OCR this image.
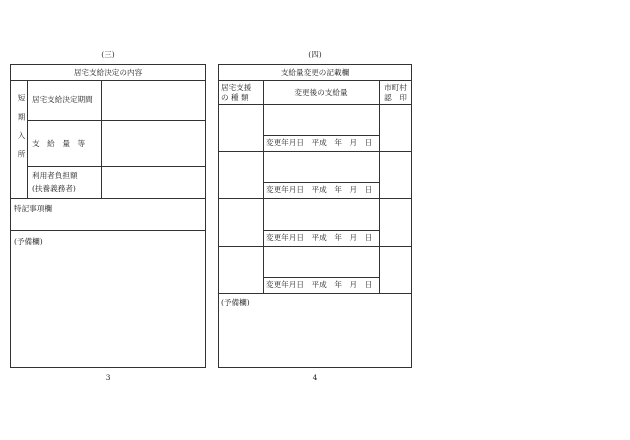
(三)
居宅支給決定の内容
短期入所 居宅支給決定期間
支　給　量　等
利用者負担額
(扶養義務者)
特記事項欄
(予備欄)
3
(四)
支給量変更の記載欄
居宅支援
の 種 類
変更後の支給量
市町村
認　印
変更年月日　平成　年　月　日
変更年月日　平成　年　月　日
変更年月日　平成　年　月　日
変更年月日　平成　年　月　日
(予備欄)
4
